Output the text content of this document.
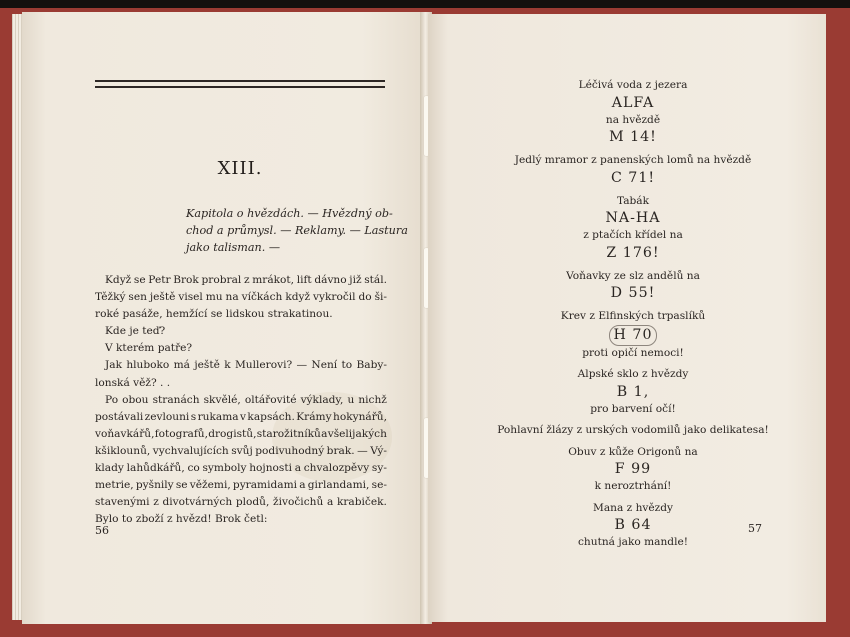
XIII.
Kapitola o hvězdách. — Hvězdný ob-
chod a průmysl. — Reklamy. — Lastura
jako talisman. —
Když se Petr Brok probral z mrákot, lift dávno již stál.
Těžký sen ještě visel mu na víčkách když vykročil do ši-
roké pasáže, hemžící se lidskou strakatinou.
Kde je teď?
V kterém patře?
Jak hluboko má ještě k Mullerovi? — Není to Baby-
lonská věž? . .
Po obou stranách skvělé, oltářovité výklady, u nichž
postávali zevlouni s rukama v kapsách. Krámy hokynářů,
voňavkářů, fotografů, drogistů, starožitníků a všelijakých
kšiklounů, vychvalujících svůj podivuhodný brak. — Vý-
klady lahůdkářů, co symboly hojnosti a chvalozpěvy sy-
metrie, pyšnily se věžemi, pyramidami a girlandami, se-
stavenými z divotvárných plodů, živočichů a krabiček.
Bylo to zboží z hvězd! Brok četl:
56
Léčivá voda z jezera
ALFA
na hvězdě
M 14!
Jedlý mramor z panenských lomů na hvězdě
C 71!
Tabák
NA-HA
z ptačích křídel na
Z 176!
Voňavky ze slz andělů na
D 55!
Krev z Elfinských trpaslíků
H 70
proti opičí nemoci!
Alpské sklo z hvězdy
B 1,
pro barvení očí!
Pohlavní žlázy z urských vodomilů jako delikatesa!
Obuv z kůže Origonů na
F 99
k neroztrhání!
Mana z hvězdy
B 64
chutná jako mandle!
57
